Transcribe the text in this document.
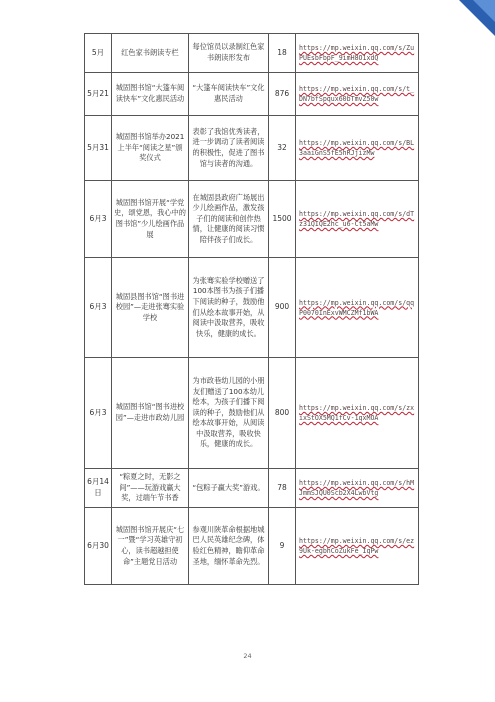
5月	红色家书朗读专栏	每位馆员以录制红色家书朗读形发布	18	https://mp.weixin.qq.com/s/ZuPUEsbFbpF_9imH8O1xdQ
5月21	城固图书馆“大篷车阅读快车”文化惠民活动	“大篷车阅读快车”文化惠民活动	876	https://mp.weixin.qq.com/s/t_DN7bfSpqux60bTmvZ50w
5月31	城固图书馆举办2021上半年“阅读之星”颁奖仪式	表彰了我馆优秀读者，进一步调动了读者阅读的积极性，促进了图书馆与读者的沟通。	32	https://mp.weixin.qq.com/s/BL3aaiGnS5fE5hRJjizMw
6月3	城固图书馆开展“学党史，颂党恩，我心中的图书馆”少儿绘画作品展	在城固县政府广场展出少儿绘画作品，激发孩子们的阅读和创作热情，让健康的阅读习惯陪伴孩子们成长。	1500	https://mp.weixin.qq.com/s/dTz31QIQE2hc_u6-Ct5aMw
6月3	城固县图书馆“图书进校园”—走进张骞实验学校	为张骞实验学校赠送了100本图书为孩子们播下阅读的种子，鼓励他们从绘本故事开始，从阅读中汲取营养，吸收快乐，健康的成长。	900	https://mp.weixin.qq.com/s/qqP0070InExvWMCZMf1bWA
6月3	城固图书馆“图书进校园”—走进市政幼儿园	为市政巷幼儿园的小朋友们赠送了100本幼儿绘本，为孩子们播下阅读的种子，鼓励他们从绘本故事开始，从阅读中汲取营养，吸收快乐，健康的成长。	800	https://mp.weixin.qq.com/s/zxixStOX5MQ1fCv-1qxMOA
6月14日	“粽夏之时，无影之间”——玩游戏赢大奖，过端午节书香	“包粽子赢大奖”游戏。	78	https://mp.weixin.qq.com/s/hMJmmSJQU0Scb2X4LwbVtg
6月30	城固图书馆开展庆“七一”暨“学习英雄守初心，读书超越担使命”主题党日活动	参观川陕革命根据地城巴人民英雄纪念碑，体验红色精神，瞻仰革命圣地，缅怀革命先烈。	9	https://mp.weixin.qq.com/s/ez9Uk-egbhCoZukFe_IqPw
24
